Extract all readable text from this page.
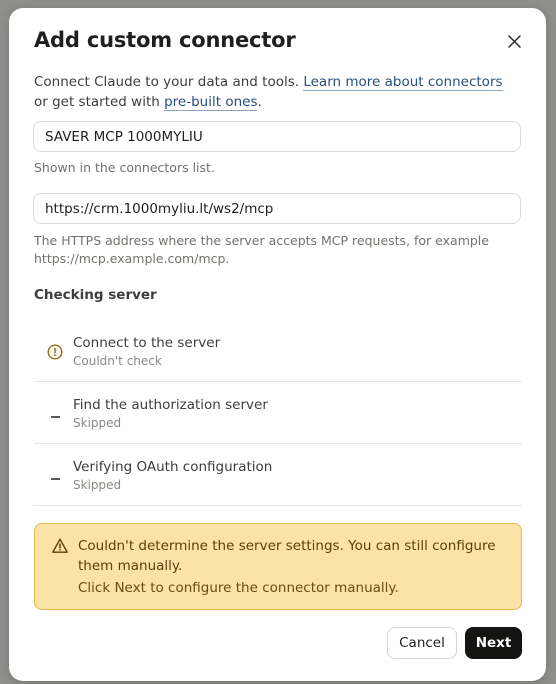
Add custom connector
Connect Claude to your data and tools. Learn more about connectors or get started with pre-built ones.
SAVER MCP 1000MYLIU
Shown in the connectors list.
https://crm.1000myliu.lt/ws2/mcp
The HTTPS address where the server accepts MCP requests, for example https://mcp.example.com/mcp.
Checking server
Connect to the server
Couldn't check
Find the authorization server
Skipped
Verifying OAuth configuration
Skipped
Couldn't determine the server settings. You can still configure them manually.
Click Next to configure the connector manually.
Cancel	Next
